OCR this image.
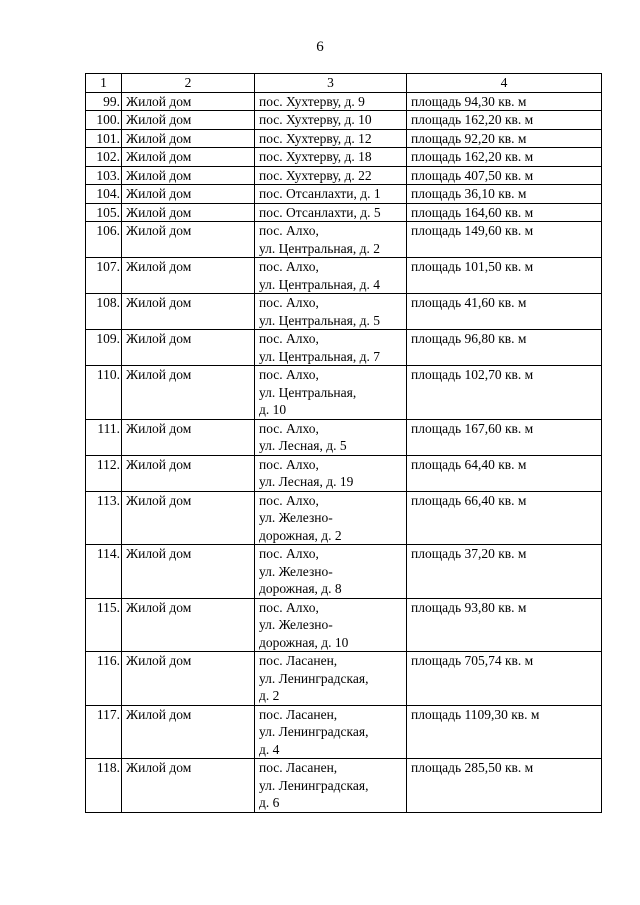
6
1	2	3	4
99.	Жилой дом	пос. Хухтерву, д. 9	площадь 94,30 кв. м
100.	Жилой дом	пос. Хухтерву, д. 10	площадь 162,20 кв. м
101.	Жилой дом	пос. Хухтерву, д. 12	площадь 92,20 кв. м
102.	Жилой дом	пос. Хухтерву, д. 18	площадь 162,20 кв. м
103.	Жилой дом	пос. Хухтерву, д. 22	площадь 407,50 кв. м
104.	Жилой дом	пос. Отсанлахти, д. 1	площадь 36,10 кв. м
105.	Жилой дом	пос. Отсанлахти, д. 5	площадь 164,60 кв. м
106.	Жилой дом	пос. Алхо,
ул. Центральная, д. 2	площадь 149,60 кв. м
107.	Жилой дом	пос. Алхо,
ул. Центральная, д. 4	площадь 101,50 кв. м
108.	Жилой дом	пос. Алхо,
ул. Центральная, д. 5	площадь 41,60 кв. м
109.	Жилой дом	пос. Алхо,
ул. Центральная, д. 7	площадь 96,80 кв. м
110.	Жилой дом	пос. Алхо,
ул. Центральная,
д. 10	площадь 102,70 кв. м
111.	Жилой дом	пос. Алхо,
ул. Лесная, д. 5	площадь 167,60 кв. м
112.	Жилой дом	пос. Алхо,
ул. Лесная, д. 19	площадь 64,40 кв. м
113.	Жилой дом	пос. Алхо,
ул. Железно-
дорожная, д. 2	площадь 66,40 кв. м
114.	Жилой дом	пос. Алхо,
ул. Железно-
дорожная, д. 8	площадь 37,20 кв. м
115.	Жилой дом	пос. Алхо,
ул. Железно-
дорожная, д. 10	площадь 93,80 кв. м
116.	Жилой дом	пос. Ласанен,
ул. Ленинградская,
д. 2	площадь 705,74 кв. м
117.	Жилой дом	пос. Ласанен,
ул. Ленинградская,
д. 4	площадь 1109,30 кв. м
118.	Жилой дом	пос. Ласанен,
ул. Ленинградская,
д. 6	площадь 285,50 кв. м
